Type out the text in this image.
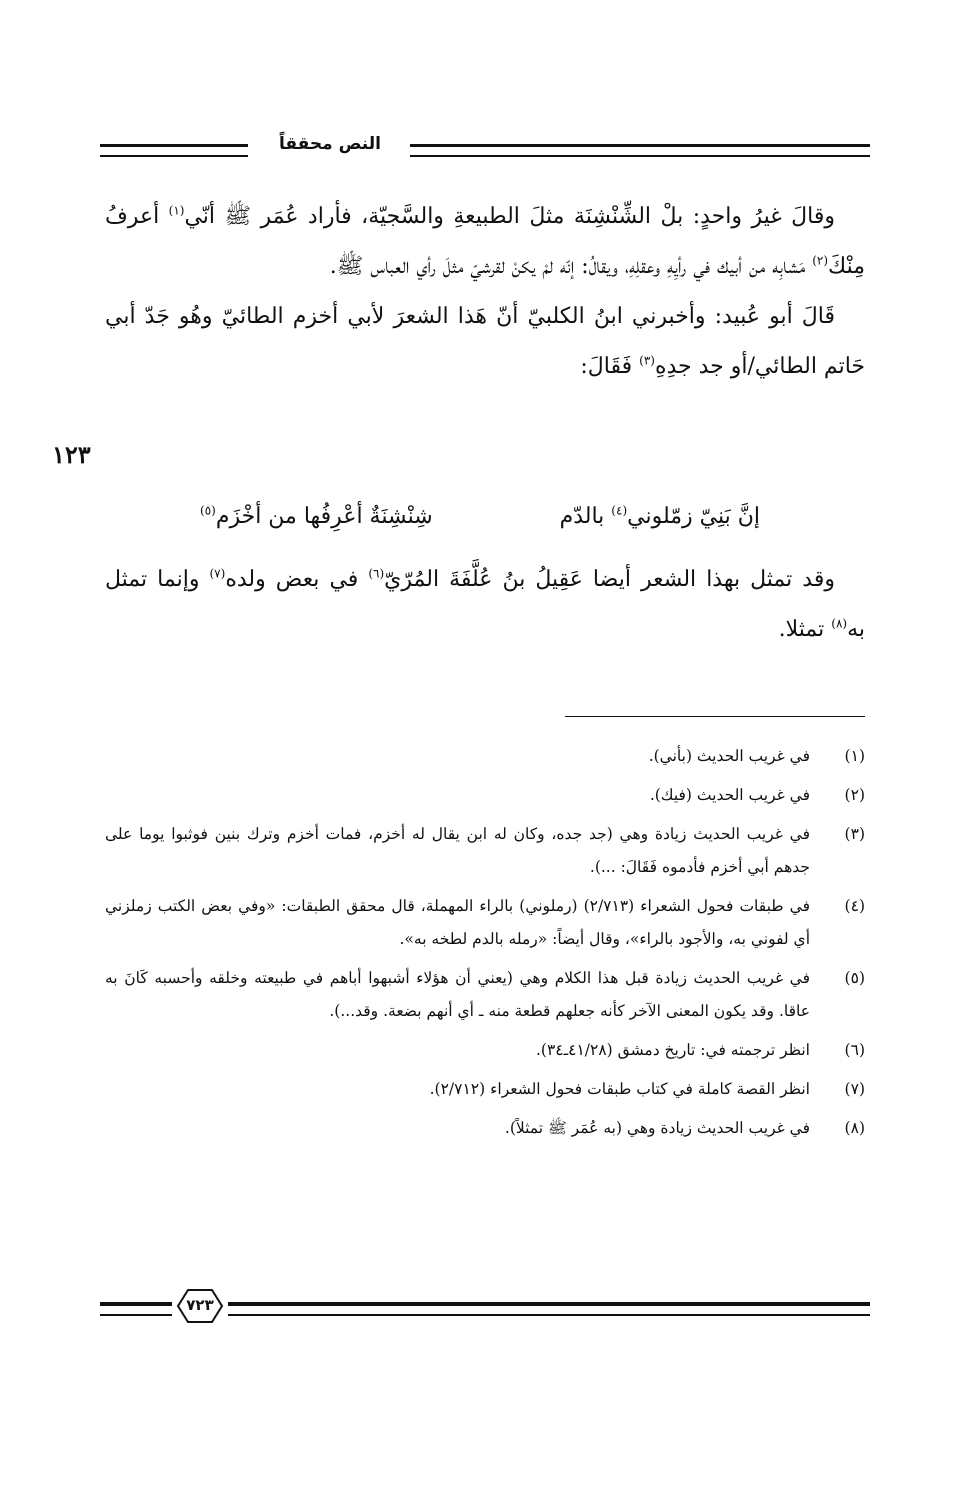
النص محققاً

وقالَ غيرُ واحدٍ: بلْ الشِّنْشِنَة مثلَ الطبيعةِ والسَّجيّة، فأراد عُمَر ﷺ أنّي$^{(١)}$ أعرفُ مِنْكَ$^{(٢)}$ مَشابِه من أبيك في رأيِهِ وعقلِهِ، ويقالُ: إنّه لمْ يكنْ لقرشيّ مثلَ رأي العباس ﷺ.

قَالَ أبو عُبيد: وأخبرني ابنُ الكلبيّ أنّ هَذا الشعرَ لأبي أخزم الطائيّ وهُو جَدّ أبي حَاتم الطائي/أو جد جدِهِ$^{(٣)}$ فَقَالَ:

١٢٣
إنَّ بَنِيّ زمّلوني$^{(٤)}$ بالدّم
شِنْشِنَةٌ أعْرِفُها من أخْزَم$^{(٥)}$

وقد تمثل بهذا الشعر أيضا عَقِيلُ بنُ عُلَّفَةَ المُرّيّ$^{(٦)}$ في بعض ولده$^{(٧)}$ وإنما تمثل به$^{(٨)}$ تمثلا.

(١)
في غريب الحديث (بأني).
(٢)
في غريب الحديث (فيك).
(٣)
في غريب الحديث زيادة وهي (جد جده، وكان له ابن يقال له أخزم، فمات أخزم وترك بنين فوثبوا يوما على جدهم أبي أخزم فأدموه فَقَالَ: ...).
(٤)
في طبقات فحول الشعراء (٢/٧١٣) (رملوني) بالراء المهملة، قال محقق الطبقات: «وفي بعض الكتب زملزني أي لفوني به، والأجود بالراء»، وقال أيضاً: «رمله بالدم لطخه به».
(٥)
في غريب الحديث زيادة قبل هذا الكلام وهي (يعني أن هؤلاء أشبهوا أباهم في طبيعته وخلقه وأحسبه كَانَ به عاقا. وقد يكون المعنى الآخر كأنه جعلهم قطعة منه ـ أي أنهم بضعة. وقد...).
(٦)
انظر ترجمته في: تاريخ دمشق (٤١/٢٨ـ٣٤).
(٧)
انظر القصة كاملة في كتاب طبقات فحول الشعراء (٢/٧١٢).
(٨)
في غريب الحديث زيادة وهي (به عُمَر ﷺ تمثلاً).
٧٢٣
